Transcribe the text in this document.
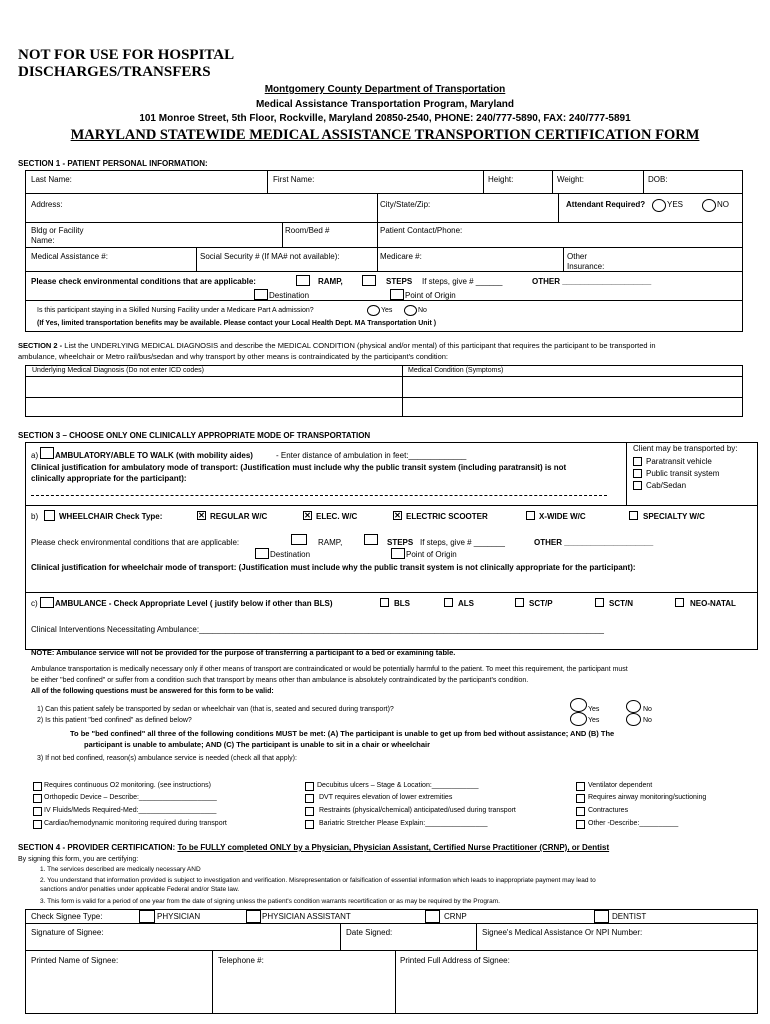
NOT FOR USE FOR HOSPITAL
DISCHARGES/TRANSFERS
Montgomery County Department of Transportation
Medical Assistance Transportation Program, Maryland
101 Monroe Street, 5th Floor, Rockville, Maryland 20850-2540, PHONE: 240/777-5890, FAX: 240/777-5891
MARYLAND STATEWIDE MEDICAL ASSISTANCE TRANSPORTION CERTIFICATION FORM
SECTION 1 - PATIENT PERSONAL INFORMATION:
Last Name:	First Name:	Height:	Weight:	DOB:
Address:	City/State/Zip:	Attendant Required?	YES	NO
Bldg or Facility
Name:
Room/Bed #	Patient Contact/Phone:
Medical Assistance #:	Social Security # (If MA# not available):	Medicare #:	Other
Insurance:
Please check environmental conditions that are applicable:	RAMP,	STEPS If steps, give # ______	OTHER ____________________
Destination	Point of Origin
Is this participant staying in a Skilled Nursing Facility under a Medicare Part A admission?	Yes	No
(If Yes, limited transportation benefits may be available. Please contact your Local Health Dept. MA Transportation Unit )
SECTION 2 - List the UNDERLYING MEDICAL DIAGNOSIS and describe the MEDICAL CONDITION (physical and/or mental) of this participant that requires the participant to be transported in
ambulance, wheelchair or Metro rail/bus/sedan and why transport by other means is contraindicated by the participant's condition:
Underlying Medical Diagnosis (Do not enter ICD codes)	Medical Condition (Symptoms)
SECTION 3 – CHOOSE ONLY ONE CLINICALLY APPROPRIATE MODE OF TRANSPORTATION
a) AMBULATORY/ABLE TO WALK (with mobility aides)	- Enter distance of ambulation in feet:_____________
Clinical justification for ambulatory mode of transport: (Justification must include why the public transit system (including paratransit) is not
clinically appropriate for the participant):
Client may be transported by:
Paratransit vehicle
Public transit system
Cab/Sedan
b)	WHEELCHAIR Check Type:	✕ REGULAR W/C	✕ ELEC. W/C	✕ ELECTRIC SCOOTER	X-WIDE W/C	SPECIALTY W/C
Please check environmental conditions that are applicable:	RAMP,	STEPS If steps, give # _______	OTHER ____________________
Destination	Point of Origin
Clinical justification for wheelchair mode of transport: (Justification must include why the public transit system is not clinically appropriate for the participant):
c) AMBULANCE - Check Appropriate Level ( justify below if other than BLS)	BLS	ALS	SCT/P	SCT/N	NEO-NATAL
Clinical Interventions Necessitating Ambulance:___________________________________________________________________________________________
NOTE: Ambulance service will not be provided for the purpose of transferring a participant to a bed or examining table.
Ambulance transportation is medically necessary only if other means of transport are contraindicated or would be potentially harmful to the patient. To meet this requirement, the participant must
be either "bed confined" or suffer from a condition such that transport by means other than ambulance is absolutely contraindicated by the participant's condition.
All of the following questions must be answered for this form to be valid:
1) Can this patient safely be transported by sedan or wheelchair van (that is, seated and secured during transport)?	Yes	No
2) Is this patient "bed confined" as defined below?	Yes	No
To be "bed confined" all three of the following conditions MUST be met: (A) The participant is unable to get up from bed without assistance; AND (B) The
participant is unable to ambulate; AND (C) The participant is unable to sit in a chair or wheelchair
3) If not bed confined, reason(s) ambulance service is needed (check all that apply):
Requires continuous O2 monitoring. (see instructions)
Orthopedic Device – Describe:____________________
IV Fluids/Meds Required-Med:____________________
Cardiac/hemodynamic monitoring required during transport
Decubitus ulcers – Stage & Location:____________
DVT requires elevation of lower extremities
Restraints (physical/chemical) anticipated/used during transport
Bariatric Stretcher Please Explain:________________
Ventilator dependent
Requires airway monitoring/suctioning
Contractures
Other -Describe:__________
SECTION 4 - PROVIDER CERTIFICATION: To be FULLY completed ONLY by a Physician, Physician Assistant, Certified Nurse Practitioner (CRNP), or Dentist
By signing this form, you are certifying:
1. The services described are medically necessary AND
2. You understand that information provided is subject to investigation and verification. Misrepresentation or falsification of essential information which leads to inappropriate payment may lead to
sanctions and/or penalties under applicable Federal and/or State law.
3. This form is valid for a period of one year from the date of signing unless the patient's condition warrants recertification or as may be required by the Program.
Check Signee Type:	PHYSICIAN	PHYSICIAN ASSISTANT	CRNP	DENTIST
Signature of Signee:	Date Signed:	Signee's Medical Assistance Or NPI Number:
Printed Name of Signee:	Telephone #:	Printed Full Address of Signee:
